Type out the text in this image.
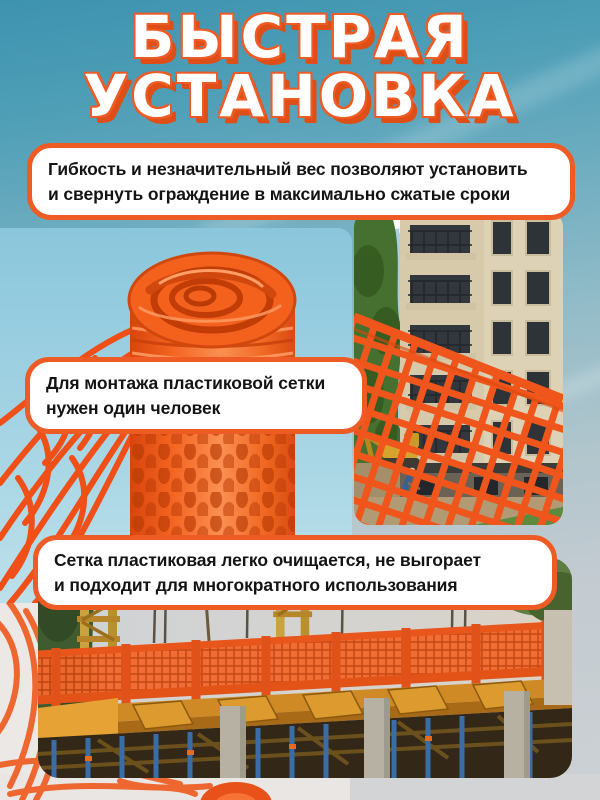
БЫСТРАЯ
УСТАНОВКА
Гибкость и незначительный вес позволяют установить
и свернуть ограждение в максимально сжатые сроки
Для монтажа пластиковой сетки
нужен один человек
Сетка пластиковая легко очищается, не выгорает
и подходит для многократного использования
